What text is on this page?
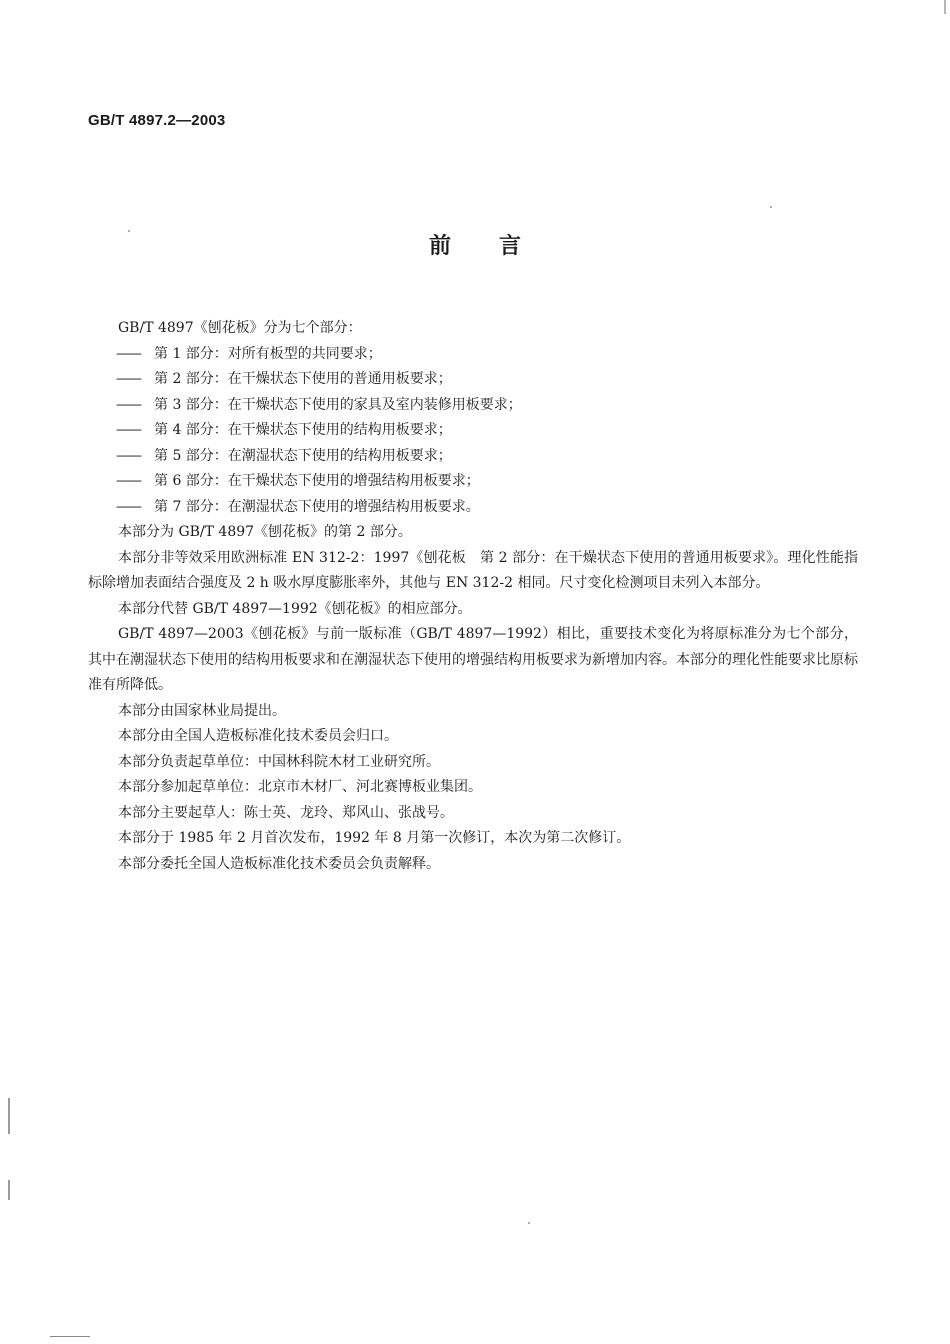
GB/T 4897.2—2003
前言

GB/T 4897《刨花板》分为七个部分：

—— 第 1 部分：对所有板型的共同要求；
—— 第 2 部分：在干燥状态下使用的普通用板要求；
—— 第 3 部分：在干燥状态下使用的家具及室内装修用板要求；
—— 第 4 部分：在干燥状态下使用的结构用板要求；
—— 第 5 部分：在潮湿状态下使用的结构用板要求；
—— 第 6 部分：在干燥状态下使用的增强结构用板要求；
—— 第 7 部分：在潮湿状态下使用的增强结构用板要求。

本部分为 GB/T 4897《刨花板》的第 2 部分。

本部分非等效采用欧洲标准 EN 312-2：1997《刨花板　第 2 部分：在干燥状态下使用的普通用板要求》。理化性能指标除增加表面结合强度及 2 h 吸水厚度膨胀率外，其他与 EN 312-2 相同。尺寸变化检测项目未列入本部分。

本部分代替 GB/T 4897—1992《刨花板》的相应部分。

GB/T 4897—2003《刨花板》与前一版标准（GB/T 4897—1992）相比，重要技术变化为将原标准分为七个部分，其中在潮湿状态下使用的结构用板要求和在潮湿状态下使用的增强结构用板要求为新增加内容。本部分的理化性能要求比原标准有所降低。

本部分由国家林业局提出。

本部分由全国人造板标准化技术委员会归口。

本部分负责起草单位：中国林科院木材工业研究所。

本部分参加起草单位：北京市木材厂、河北赛博板业集团。

本部分主要起草人：陈士英、龙玲、郑风山、张战号。

本部分于 1985 年 2 月首次发布，1992 年 8 月第一次修订，本次为第二次修订。

本部分委托全国人造板标准化技术委员会负责解释。
